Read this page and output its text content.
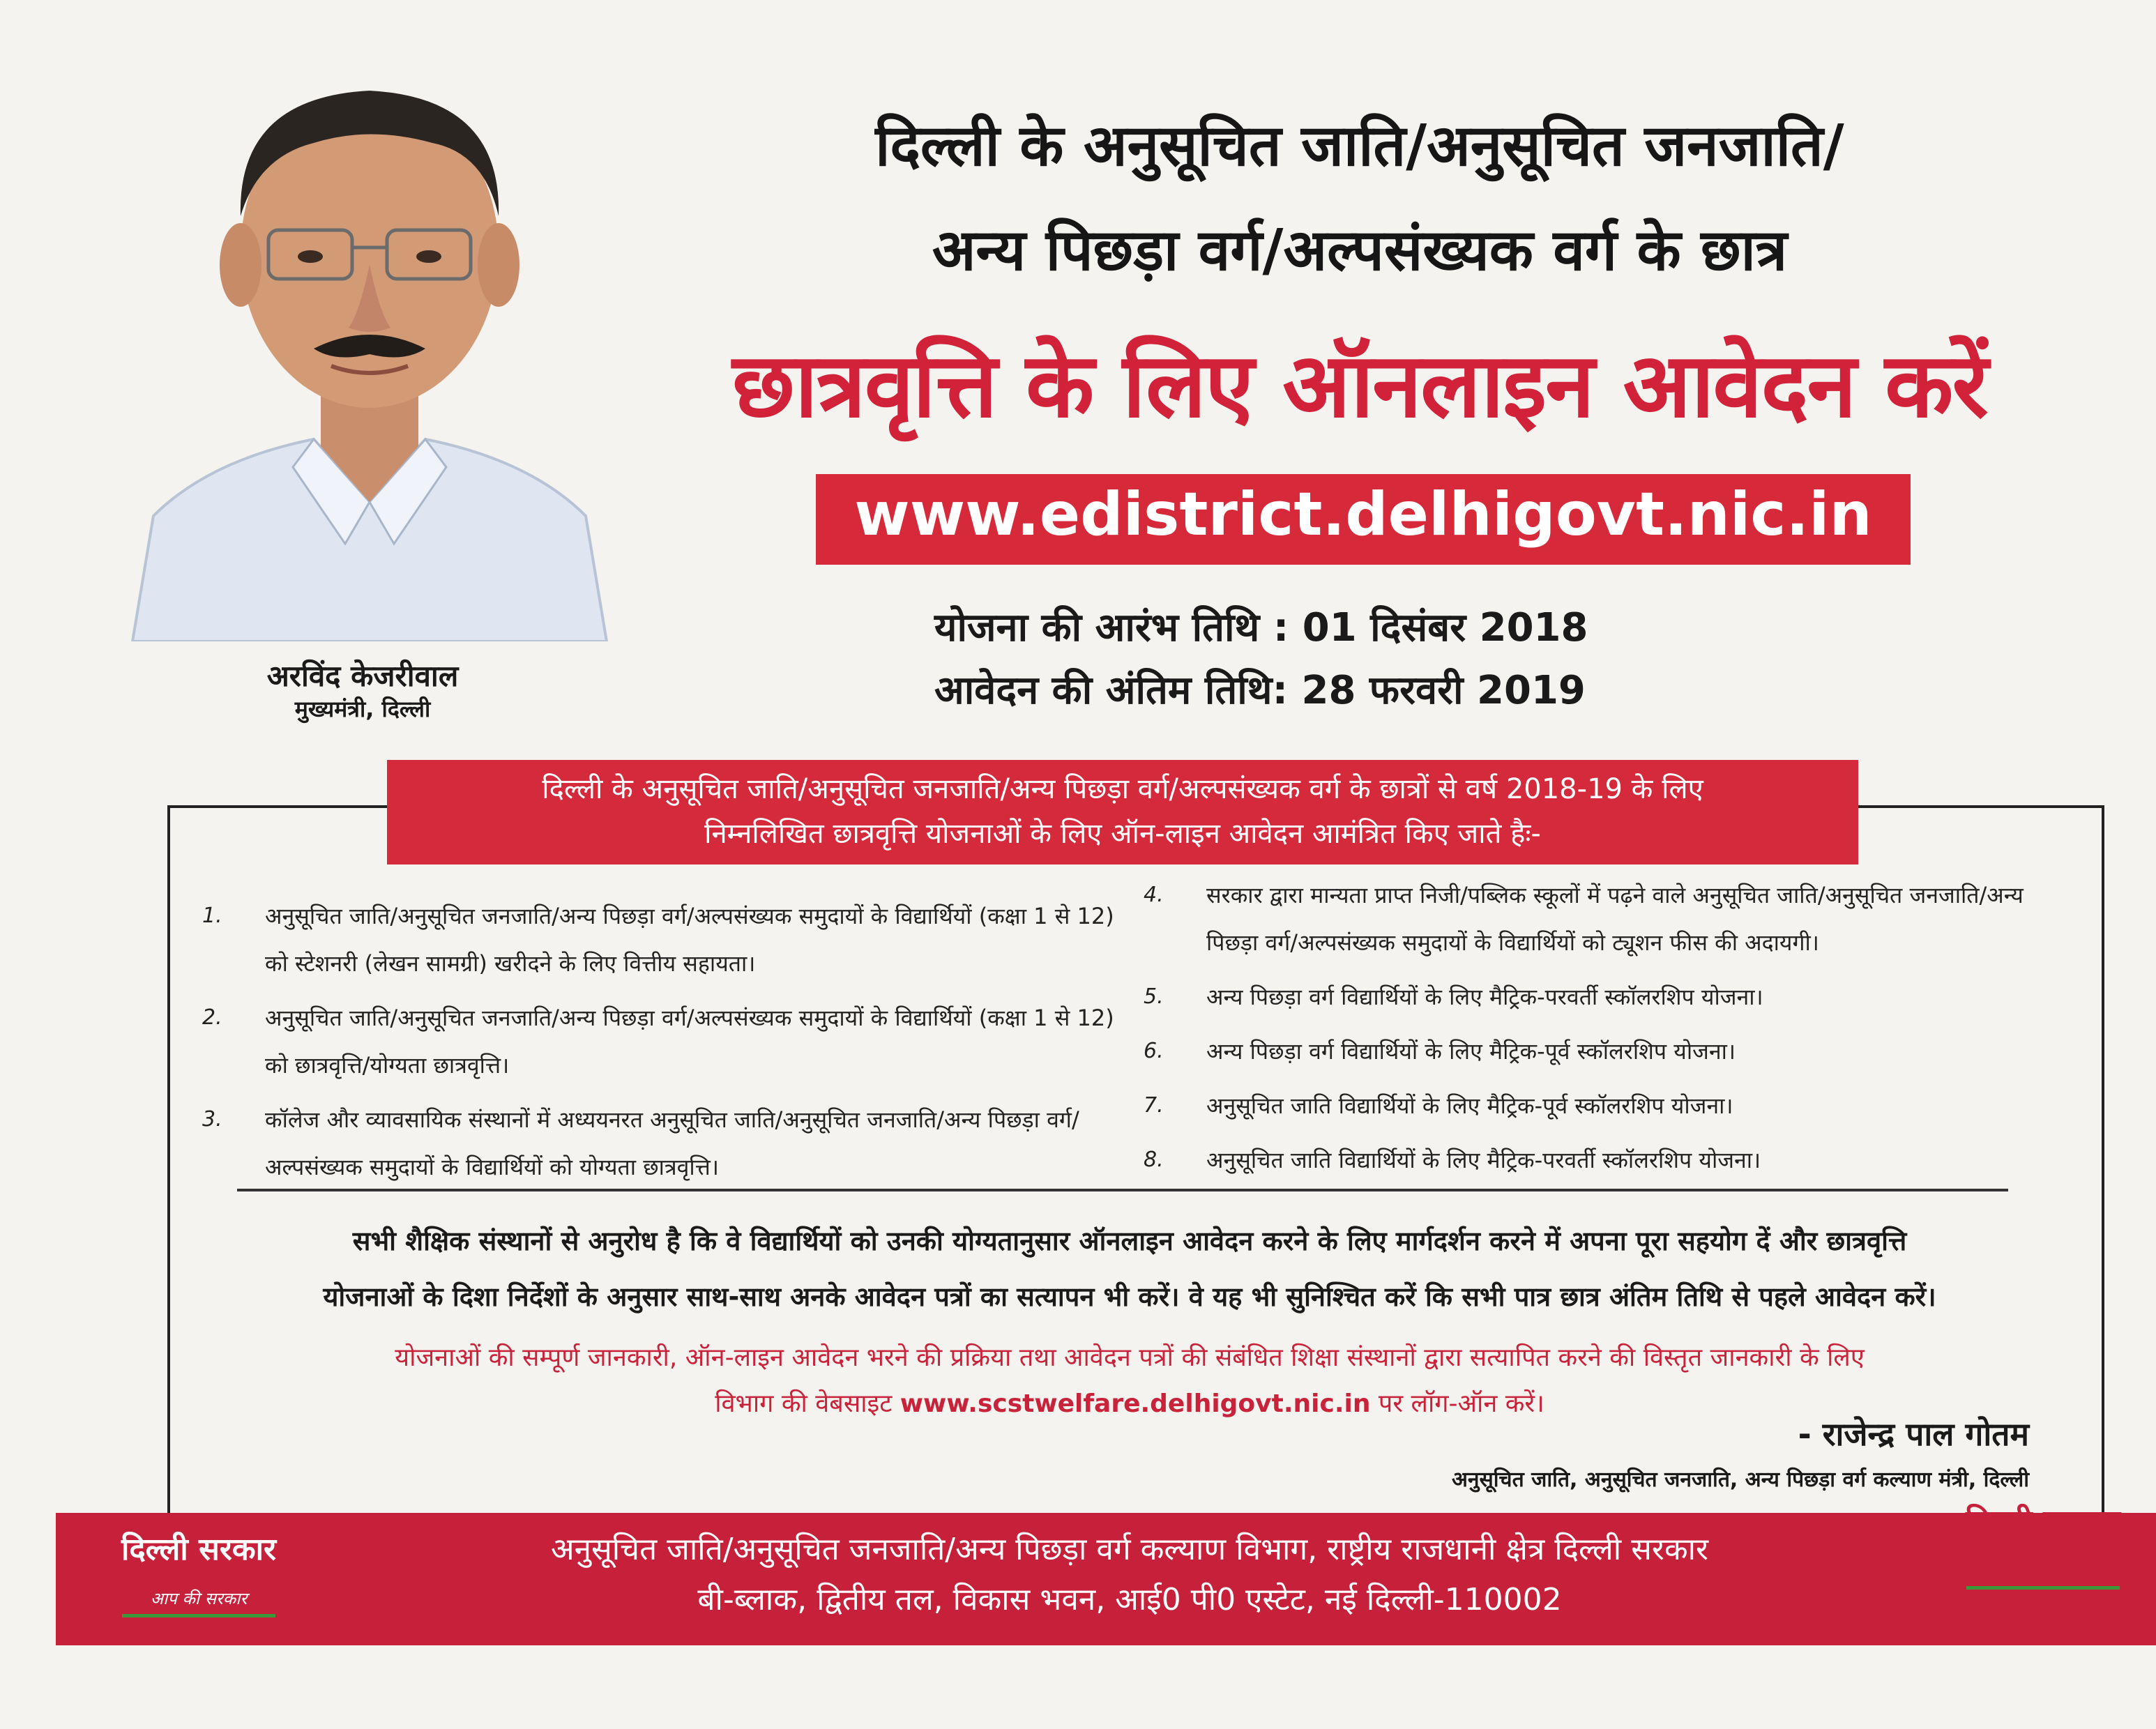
अरविंद केजरीवाल
मुख्यमंत्री, दिल्ली
दिल्ली के अनुसूचित जाति/अनुसूचित जनजाति/
अन्य पिछड़ा वर्ग/अल्पसंख्यक वर्ग के छात्र
छात्रवृत्ति के लिए ऑनलाइन आवेदन करें
www.edistrict.delhigovt.nic.in
योजना की आरंभ तिथि : 01 दिसंबर 2018
आवेदन की अंतिम तिथि: 28 फरवरी 2019
दिल्ली के अनुसूचित जाति/अनुसूचित जनजाति/अन्य पिछड़ा वर्ग/अल्पसंख्यक वर्ग के छात्रों से वर्ष 2018-19 के लिए
निम्नलिखित छात्रवृत्ति योजनाओं के लिए ऑन-लाइन आवेदन आमंत्रित किए जाते हैः-
1.	अनुसूचित जाति/अनुसूचित जनजाति/अन्य पिछड़ा वर्ग/अल्पसंख्यक समुदायों के विद्यार्थियों (कक्षा 1 से 12) को स्टेशनरी (लेखन सामग्री) खरीदने के लिए वित्तीय सहायता।
2.	अनुसूचित जाति/अनुसूचित जनजाति/अन्य पिछड़ा वर्ग/अल्पसंख्यक समुदायों के विद्यार्थियों (कक्षा 1 से 12) को छात्रवृत्ति/योग्यता छात्रवृत्ति।
3.	कॉलेज और व्यावसायिक संस्थानों में अध्ययनरत अनुसूचित जाति/अनुसूचित जनजाति/अन्य पिछड़ा वर्ग/अल्पसंख्यक समुदायों के विद्यार्थियों को योग्यता छात्रवृत्ति।
4.	सरकार द्वारा मान्यता प्राप्त निजी/पब्लिक स्कूलों में पढ़ने वाले अनुसूचित जाति/अनुसूचित जनजाति/अन्य पिछड़ा वर्ग/अल्पसंख्यक समुदायों के विद्यार्थियों को ट्यूशन फीस की अदायगी।
5.	अन्य पिछड़ा वर्ग विद्यार्थियों के लिए मैट्रिक-परवर्ती स्कॉलरशिप योजना।
6.	अन्य पिछड़ा वर्ग विद्यार्थियों के लिए मैट्रिक-पूर्व स्कॉलरशिप योजना।
7.	अनुसूचित जाति विद्यार्थियों के लिए मैट्रिक-पूर्व स्कॉलरशिप योजना।
8.	अनुसूचित जाति विद्यार्थियों के लिए मैट्रिक-परवर्ती स्कॉलरशिप योजना।
सभी शैक्षिक संस्थानों से अनुरोध है कि वे विद्यार्थियों को उनकी योग्यतानुसार ऑनलाइन आवेदन करने के लिए मार्गदर्शन करने में अपना पूरा सहयोग दें और छात्रवृत्ति
योजनाओं के दिशा निर्देशों के अनुसार साथ-साथ अनके आवेदन पत्रों का सत्यापन भी करें। वे यह भी सुनिश्चित करें कि सभी पात्र छात्र अंतिम तिथि से पहले आवेदन करें।
योजनाओं की सम्पूर्ण जानकारी, ऑन-लाइन आवेदन भरने की प्रक्रिया तथा आवेदन पत्रों की संबंधित शिक्षा संस्थानों द्वारा सत्यापित करने की विस्तृत जानकारी के लिए
विभाग की वेबसाइट www.scstwelfare.delhigovt.nic.in पर लॉग-ऑन करें।
- राजेन्द्र पाल गोतम
अनुसूचित जाति, अनुसूचित जनजाति, अन्य पिछड़ा वर्ग कल्याण मंत्री, दिल्ली
अनुसूचित जाति/अनुसूचित जनजाति/अन्य पिछड़ा वर्ग कल्याण विभाग, राष्ट्रीय राजधानी क्षेत्र दिल्ली सरकार
बी-ब्लाक, द्वितीय तल, विकास भवन, आई0 पी0 एस्टेट, नई दिल्ली-110002
दिल्ली सरकार
आप की सरकार
दिल्ली सरकार
आप की सरकार
